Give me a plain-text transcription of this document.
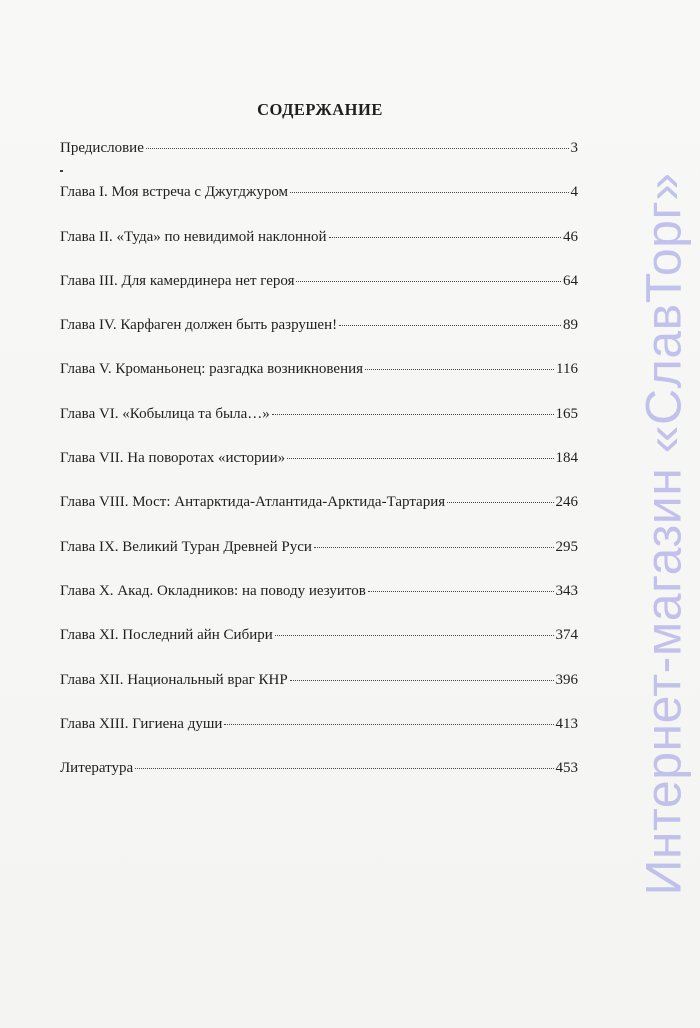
СОДЕРЖАНИЕ
Предисловие	3
Глава I. Моя встреча с Джугджуром	4
Глава II. «Туда» по невидимой наклонной	46
Глава III. Для камердинера нет героя	64
Глава IV. Карфаген должен быть разрушен!	89
Глава V. Кроманьонец: разгадка возникновения	116
Глава VI. «Кобылица та была…»	165
Глава VII. На поворотах «истории»	184
Глава VIII. Мост: Антарктида-Атлантида-Арктида-Тартария	246
Глава IX. Великий Туран Древней Руси	295
Глава X. Акад. Окладников: на поводу иезуитов	343
Глава XI. Последний айн Сибири	374
Глава XII. Национальный враг КНР	396
Глава XIII. Гигиена души	413
Литература	453 Интернет-магазин «СлавТорг»
